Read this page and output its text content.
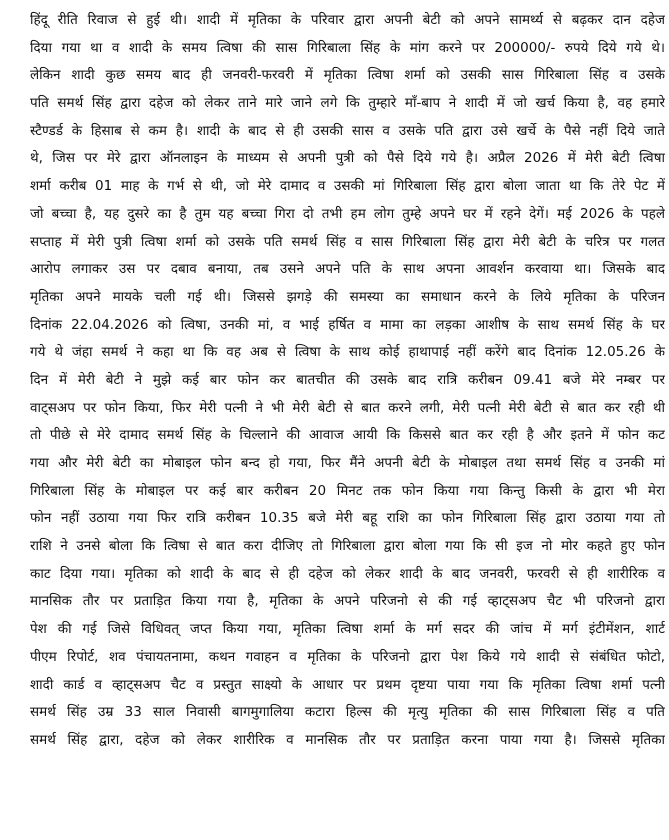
हिंदू रीति रिवाज से हुई थी। शादी में मृतिका के परिवार द्वारा अपनी बेटी को अपने सामर्थ्य से बढ़कर दान दहेज
दिया गया था व शादी के समय त्विषा की सास गिरिबाला सिंह के मांग करने पर 200000/- रुपये दिये गये थे।
लेकिन शादी कुछ समय बाद ही जनवरी-फरवरी में मृतिका त्विषा शर्मा को उसकी सास गिरिबाला सिंह व उसके
पति समर्थ सिंह द्वारा दहेज को लेकर ताने मारे जाने लगे कि तुम्हारे माँ-बाप ने शादी में जो खर्च किया है, वह हमारे
स्टैण्डर्ड के हिसाब से कम है। शादी के बाद से ही उसकी सास व उसके पति द्वारा उसे खर्चे के पैसे नहीं दिये जाते
थे, जिस पर मेरे द्वारा ऑनलाइन के माध्यम से अपनी पुत्री को पैसे दिये गये है। अप्रैल 2026 में मेरी बेटी त्विषा
शर्मा करीब 01 माह के गर्भ से थी, जो मेरे दामाद व उसकी मां गिरिबाला सिंह द्वारा बोला जाता था कि तेरे पेट में
जो बच्चा है, यह दुसरे का है तुम यह बच्चा गिरा दो तभी हम लोग तुम्हे अपने घर में रहने देगें। मई 2026 के पहले
सप्ताह में मेरी पुत्री त्विषा शर्मा को उसके पति समर्थ सिंह व सास गिरिबाला सिंह द्वारा मेरी बेटी के चरित्र पर गलत
आरोप लगाकर उस पर दबाव बनाया, तब उसने अपने पति के साथ अपना आवर्शन करवाया था। जिसके बाद
मृतिका अपने मायके चली गई थी। जिससे झगड़े की समस्या का समाधान करने के लिये मृतिका के परिजन
दिनांक 22.04.2026 को त्विषा, उनकी मां, व भाई हर्षित व मामा का लड़का आशीष के साथ समर्थ सिंह के घर
गये थे जंहा समर्थ ने कहा था कि वह अब से त्विषा के साथ कोई हाथापाई नहीं करेंगे बाद दिनांक 12.05.26 के
दिन में मेरी बेटी ने मुझे कई बार फोन कर बातचीत की उसके बाद रात्रि करीबन 09.41 बजे मेरे नम्बर पर
वाट्सअप पर फोन किया, फिर मेरी पत्नी ने भी मेरी बेटी से बात करने लगी, मेरी पत्नी मेरी बेटी से बात कर रही थी
तो पीछे से मेरे दामाद समर्थ सिंह के चिल्लाने की आवाज आयी कि किससे बात कर रही है और इतने में फोन कट
गया और मेरी बेटी का मोबाइल फोन बन्द हो गया, फिर मैंने अपनी बेटी के मोबाइल तथा समर्थ सिंह व उनकी मां
गिरिबाला सिंह के मोबाइल पर कई बार करीबन 20 मिनट तक फोन किया गया किन्तु किसी के द्वारा भी मेरा
फोन नहीं उठाया गया फिर रात्रि करीबन 10.35 बजे मेरी बहू राशि का फोन गिरिबाला सिंह द्वारा उठाया गया तो
राशि ने उनसे बोला कि त्विषा से बात करा दीजिए तो गिरिबाला द्वारा बोला गया कि सी इज नो मोर कहते हुए फोन
काट दिया गया। मृतिका को शादी के बाद से ही दहेज को लेकर शादी के बाद जनवरी, फरवरी से ही शारीरिक व
मानसिक तौर पर प्रताड़ित किया गया है, मृतिका के अपने परिजनो से की गई व्हाट्सअप चैट भी परिजनो द्वारा
पेश की गई जिसे विधिवत् जप्त किया गया, मृतिका त्विषा शर्मा के मर्ग सदर की जांच में मर्ग इंटीमेंशन, शार्ट
पीएम रिपोर्ट, शव पंचायतनामा, कथन गवाहन व मृतिका के परिजनो द्वारा पेश किये गये शादी से संबंधित फोटो,
शादी कार्ड व व्हाट्सअप चैट व प्रस्तुत साक्ष्यो के आधार पर प्रथम दृष्टया पाया गया कि मृतिका त्विषा शर्मा पत्नी
समर्थ सिंह उम्र 33 साल निवासी बागमुगालिया कटारा हिल्स की मृत्यु मृतिका की सास गिरिबाला सिंह व पति
समर्थ सिंह द्वारा, दहेज को लेकर शारीरिक व मानसिक तौर पर प्रताड़ित करना पाया गया है। जिससे मृतिका
